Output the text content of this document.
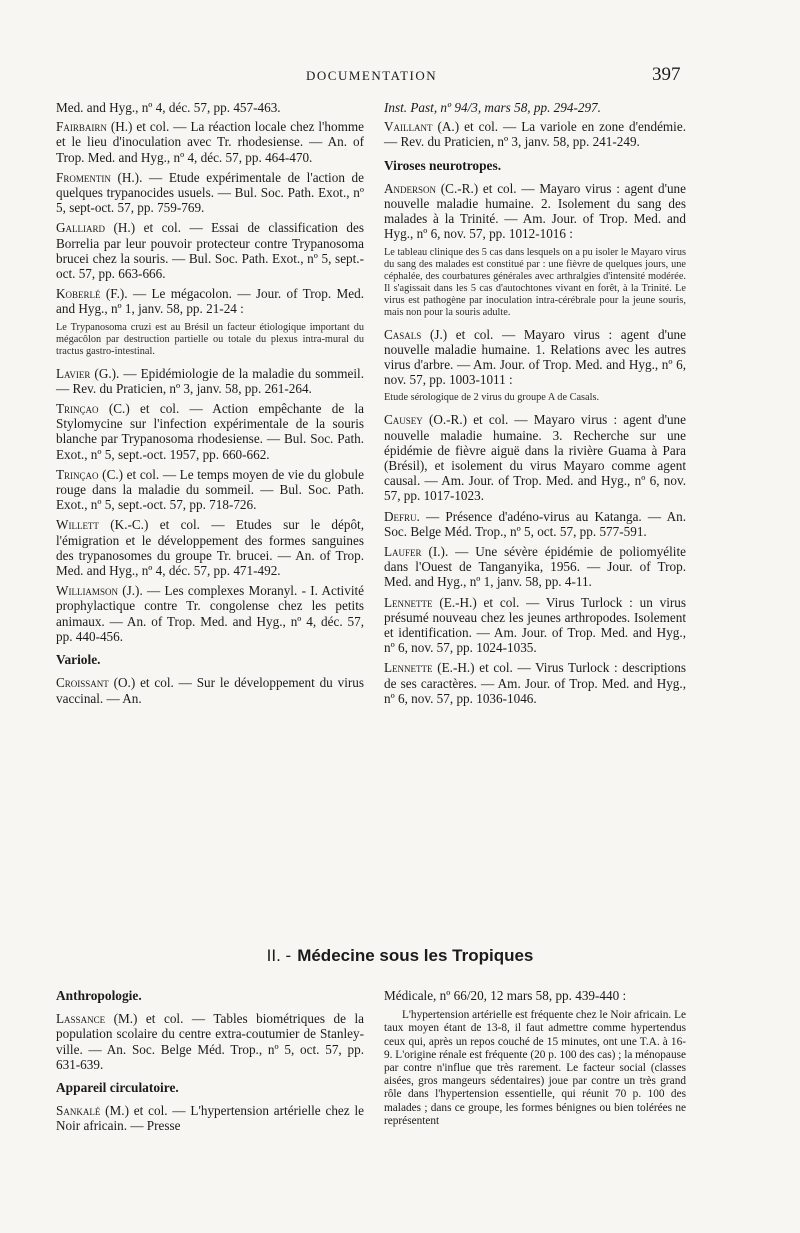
DOCUMENTATION	397
Med. and Hyg., nº 4, déc. 57, pp. 457-463.
Fairbairn (H.) et col. — La réaction locale chez l'homme et le lieu d'inoculation avec Tr. rhodesiense. — An. of Trop. Med. and Hyg., nº 4, déc. 57, pp. 464-470.
Fromentin (H.). — Etude expérimentale de l'action de quelques trypanocides usuels. — Bul. Soc. Path. Exot., nº 5, sept-oct. 57, pp. 759-769.
Galliard (H.) et col. — Essai de classification des Borrelia par leur pouvoir protecteur contre Trypanosoma brucei chez la souris. — Bul. Soc. Path. Exot., nº 5, sept.-oct. 57, pp. 663-666.
Koberlé (F.). — Le mégacolon. — Jour. of Trop. Med. and Hyg., nº 1, janv. 58, pp. 21-24 :
Le Trypanosoma cruzi est au Brésil un facteur étiologique important du mégacôlon par destruction partielle ou totale du plexus intra-mural du tractus gastro-intestinal.
Lavier (G.). — Epidémiologie de la maladie du sommeil. — Rev. du Praticien, nº 3, janv. 58, pp. 261-264.
Trinçao (C.) et col. — Action empêchante de la Stylomycine sur l'infection expérimentale de la souris blanche par Trypanosoma rhodesiense. — Bul. Soc. Path. Exot., nº 5, sept.-oct. 1957, pp. 660-662.
Trinçao (C.) et col. — Le temps moyen de vie du globule rouge dans la maladie du sommeil. — Bul. Soc. Path. Exot., nº 5, sept.-oct. 57, pp. 718-726.
Willett (K.-C.) et col. — Etudes sur le dépôt, l'émigration et le développement des formes sanguines des trypanosomes du groupe Tr. brucei. — An. of Trop. Med. and Hyg., nº 4, déc. 57, pp. 471-492.
Williamson (J.). — Les complexes Moranyl. - I. Activité prophylactique contre Tr. congolense chez les petits animaux. — An. of Trop. Med. and Hyg., nº 4, déc. 57, pp. 440-456.
Variole.
Croissant (O.) et col. — Sur le développement du virus vaccinal. — An.
Inst. Past, nº 94/3, mars 58, pp. 294-297.
Vaillant (A.) et col. — La variole en zone d'endémie. — Rev. du Praticien, nº 3, janv. 58, pp. 241-249.
Viroses neurotropes.
Anderson (C.-R.) et col. — Mayaro virus : agent d'une nouvelle maladie humaine. 2. Isolement du sang des malades à la Trinité. — Am. Jour. of Trop. Med. and Hyg., nº 6, nov. 57, pp. 1012-1016 :
Le tableau clinique des 5 cas dans lesquels on a pu isoler le Mayaro virus du sang des malades est constitué par : une fièvre de quelques jours, une céphalée, des courbatures générales avec arthralgies d'intensité modérée. Il s'agissait dans les 5 cas d'autochtones vivant en forêt, à la Trinité. Le virus est pathogène par inoculation intra-cérébrale pour la jeune souris, mais non pour la souris adulte.
Casals (J.) et col. — Mayaro virus : agent d'une nouvelle maladie humaine. 1. Relations avec les autres virus d'arbre. — Am. Jour. of Trop. Med. and Hyg., nº 6, nov. 57, pp. 1003-1011 :
Etude sérologique de 2 virus du groupe A de Casals.
Causey (O.-R.) et col. — Mayaro virus : agent d'une nouvelle maladie humaine. 3. Recherche sur une épidémie de fièvre aiguë dans la rivière Guama à Para (Brésil), et isolement du virus Mayaro comme agent causal. — Am. Jour. of Trop. Med. and Hyg., nº 6, nov. 57, pp. 1017-1023.
Defru. — Présence d'adéno-virus au Katanga. — An. Soc. Belge Méd. Trop., nº 5, oct. 57, pp. 577-591.
Laufer (I.). — Une sévère épidémie de poliomyélite dans l'Ouest de Tanganyika, 1956. — Jour. of Trop. Med. and Hyg., nº 1, janv. 58, pp. 4-11.
Lennette (E.-H.) et col. — Virus Turlock : un virus présumé nouveau chez les jeunes arthropodes. Isolement et identification. — Am. Jour. of Trop. Med. and Hyg., nº 6, nov. 57, pp. 1024-1035.
Lennette (E.-H.) et col. — Virus Turlock : descriptions de ses caractères. — Am. Jour. of Trop. Med. and Hyg., nº 6, nov. 57, pp. 1036-1046.
II. - Médecine sous les Tropiques
Anthropologie.
Lassance (M.) et col. — Tables biométriques de la population scolaire du centre extra-coutumier de Stanley-ville. — An. Soc. Belge Méd. Trop., nº 5, oct. 57, pp. 631-639.
Appareil circulatoire.
Sankalé (M.) et col. — L'hypertension artérielle chez le Noir africain. — Presse
Médicale, nº 66/20, 12 mars 58, pp. 439-440 :
L'hypertension artérielle est fréquente chez le Noir africain. Le taux moyen étant de 13-8, il faut admettre comme hypertendus ceux qui, après un repos couché de 15 minutes, ont une T.A. à 16-9. L'origine rénale est fréquente (20 p. 100 des cas) ; la ménopause par contre n'influe que très rarement. Le facteur social (classes aisées, gros mangeurs sédentaires) joue par contre un très grand rôle dans l'hypertension essentielle, qui réunit 70 p. 100 des malades ; dans ce groupe, les formes bénignes ou bien tolérées ne représentent
